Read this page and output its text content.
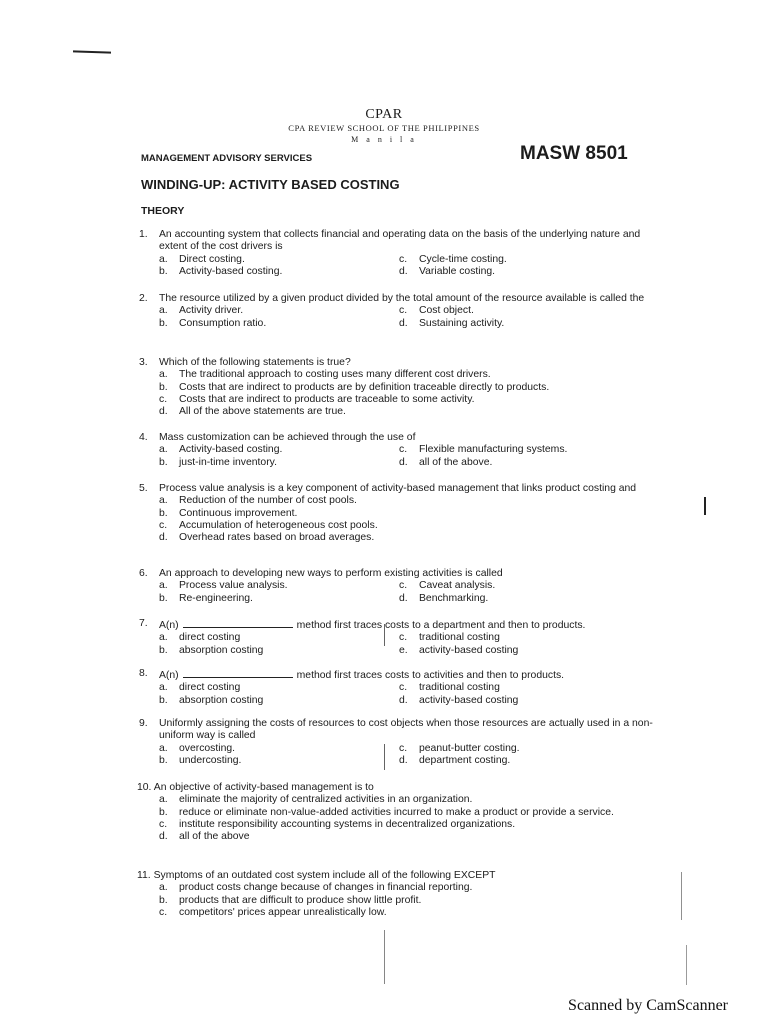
CPAR
CPA REVIEW SCHOOL OF THE PHILIPPINES
M a n i l a
MANAGEMENT ADVISORY SERVICES	MASW 8501
WINDING-UP: ACTIVITY BASED COSTING
THEORY
1. An accounting system that collects financial and operating data on the basis of the underlying nature and extent of the cost drivers is
a.	Direct costing.	c.	Cycle-time costing.
b.	Activity-based costing.	d.	Variable costing.
2. The resource utilized by a given product divided by the total amount of the resource available is called the
a.	Activity driver.	c.	Cost object.
b.	Consumption ratio.	d.	Sustaining activity.
3. Which of the following statements is true?
a.	The traditional approach to costing uses many different cost drivers.
b.	Costs that are indirect to products are by definition traceable directly to products.
c.	Costs that are indirect to products are traceable to some activity.
d.	All of the above statements are true.
4. Mass customization can be achieved through the use of
a.	Activity-based costing.	c.	Flexible manufacturing systems.
b.	just-in-time inventory.	d.	all of the above.
5. Process value analysis is a key component of activity-based management that links product costing and
a.	Reduction of the number of cost pools.
b.	Continuous improvement.
c.	Accumulation of heterogeneous cost pools.
d.	Overhead rates based on broad averages.
6. An approach to developing new ways to perform existing activities is called
a.	Process value analysis.	c.	Caveat analysis.
b.	Re-engineering.	d.	Benchmarking.
7. A(n)	method first traces costs to a department and then to products.
a.	direct costing	c.	traditional costing
b.	absorption costing	e.	activity-based costing
8. A(n)	method first traces costs to activities and then to products.
a.	direct costing	c.	traditional costing
b.	absorption costing	d.	activity-based costing
9. Uniformly assigning the costs of resources to cost objects when those resources are actually used in a non-uniform way is called
a.	overcosting.	c.	peanut-butter costing.
b.	undercosting.	d.	department costing.
10. An objective of activity-based management is to
a.	eliminate the majority of centralized activities in an organization.
b.	reduce or eliminate non-value-added activities incurred to make a product or provide a service.
c.	institute responsibility accounting systems in decentralized organizations.
d.	all of the above
11. Symptoms of an outdated cost system include all of the following EXCEPT
a.	product costs change because of changes in financial reporting.
b.	products that are difficult to produce show little profit.
c.	competitors' prices appear unrealistically low.
Scanned by CamScanner
